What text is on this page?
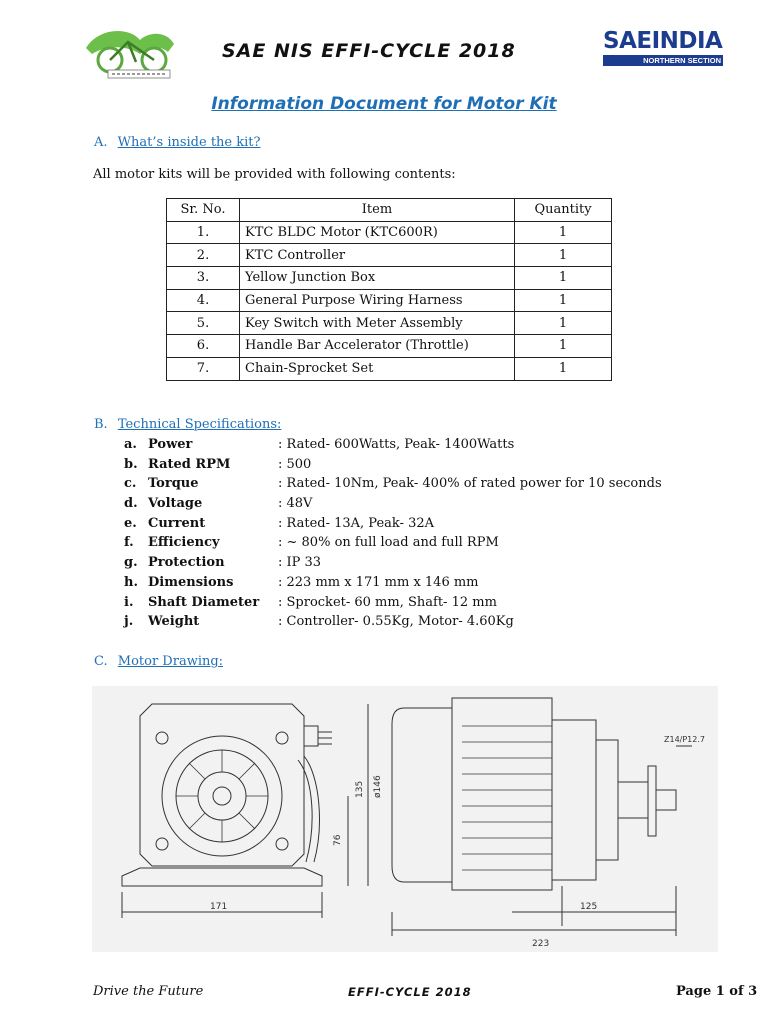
SAE NIS EFFI-CYCLE 2018	SAEINDIA
NORTHERN SECTION
Information Document for Motor Kit
A. What’s inside the kit?
All motor kits will be provided with following contents:
Sr. No.	Item	Quantity
1.	KTC BLDC Motor (KTC600R)	1
2.	KTC Controller	1
3.	Yellow Junction Box	1
4.	General Purpose Wiring Harness	1
5.	Key Switch with Meter Assembly	1
6.	Handle Bar Accelerator (Throttle)	1
7.	Chain-Sprocket Set	1
B. Technical Specifications:
a. Power	: Rated- 600Watts, Peak- 1400Watts
b. Rated RPM	: 500
c. Torque	: Rated- 10Nm, Peak- 400% of rated power for 10 seconds
d. Voltage	: 48V
e. Current	: Rated- 13A, Peak- 32A
f.	Efficiency	: ~ 80% on full load and full RPM
g. Protection	: IP 33
h. Dimensions	: 223 mm x 171 mm x 146 mm
i.	Shaft Diameter	: Sprocket- 60 mm, Shaft- 12 mm
j.	Weight	: Controller- 0.55Kg, Motor- 4.60Kg
C. Motor Drawing:
171
76
135 ø146
125
223
Z14/P12.7
Drive the Future	EFFI-CYCLE 2018	Page 1 of 3
